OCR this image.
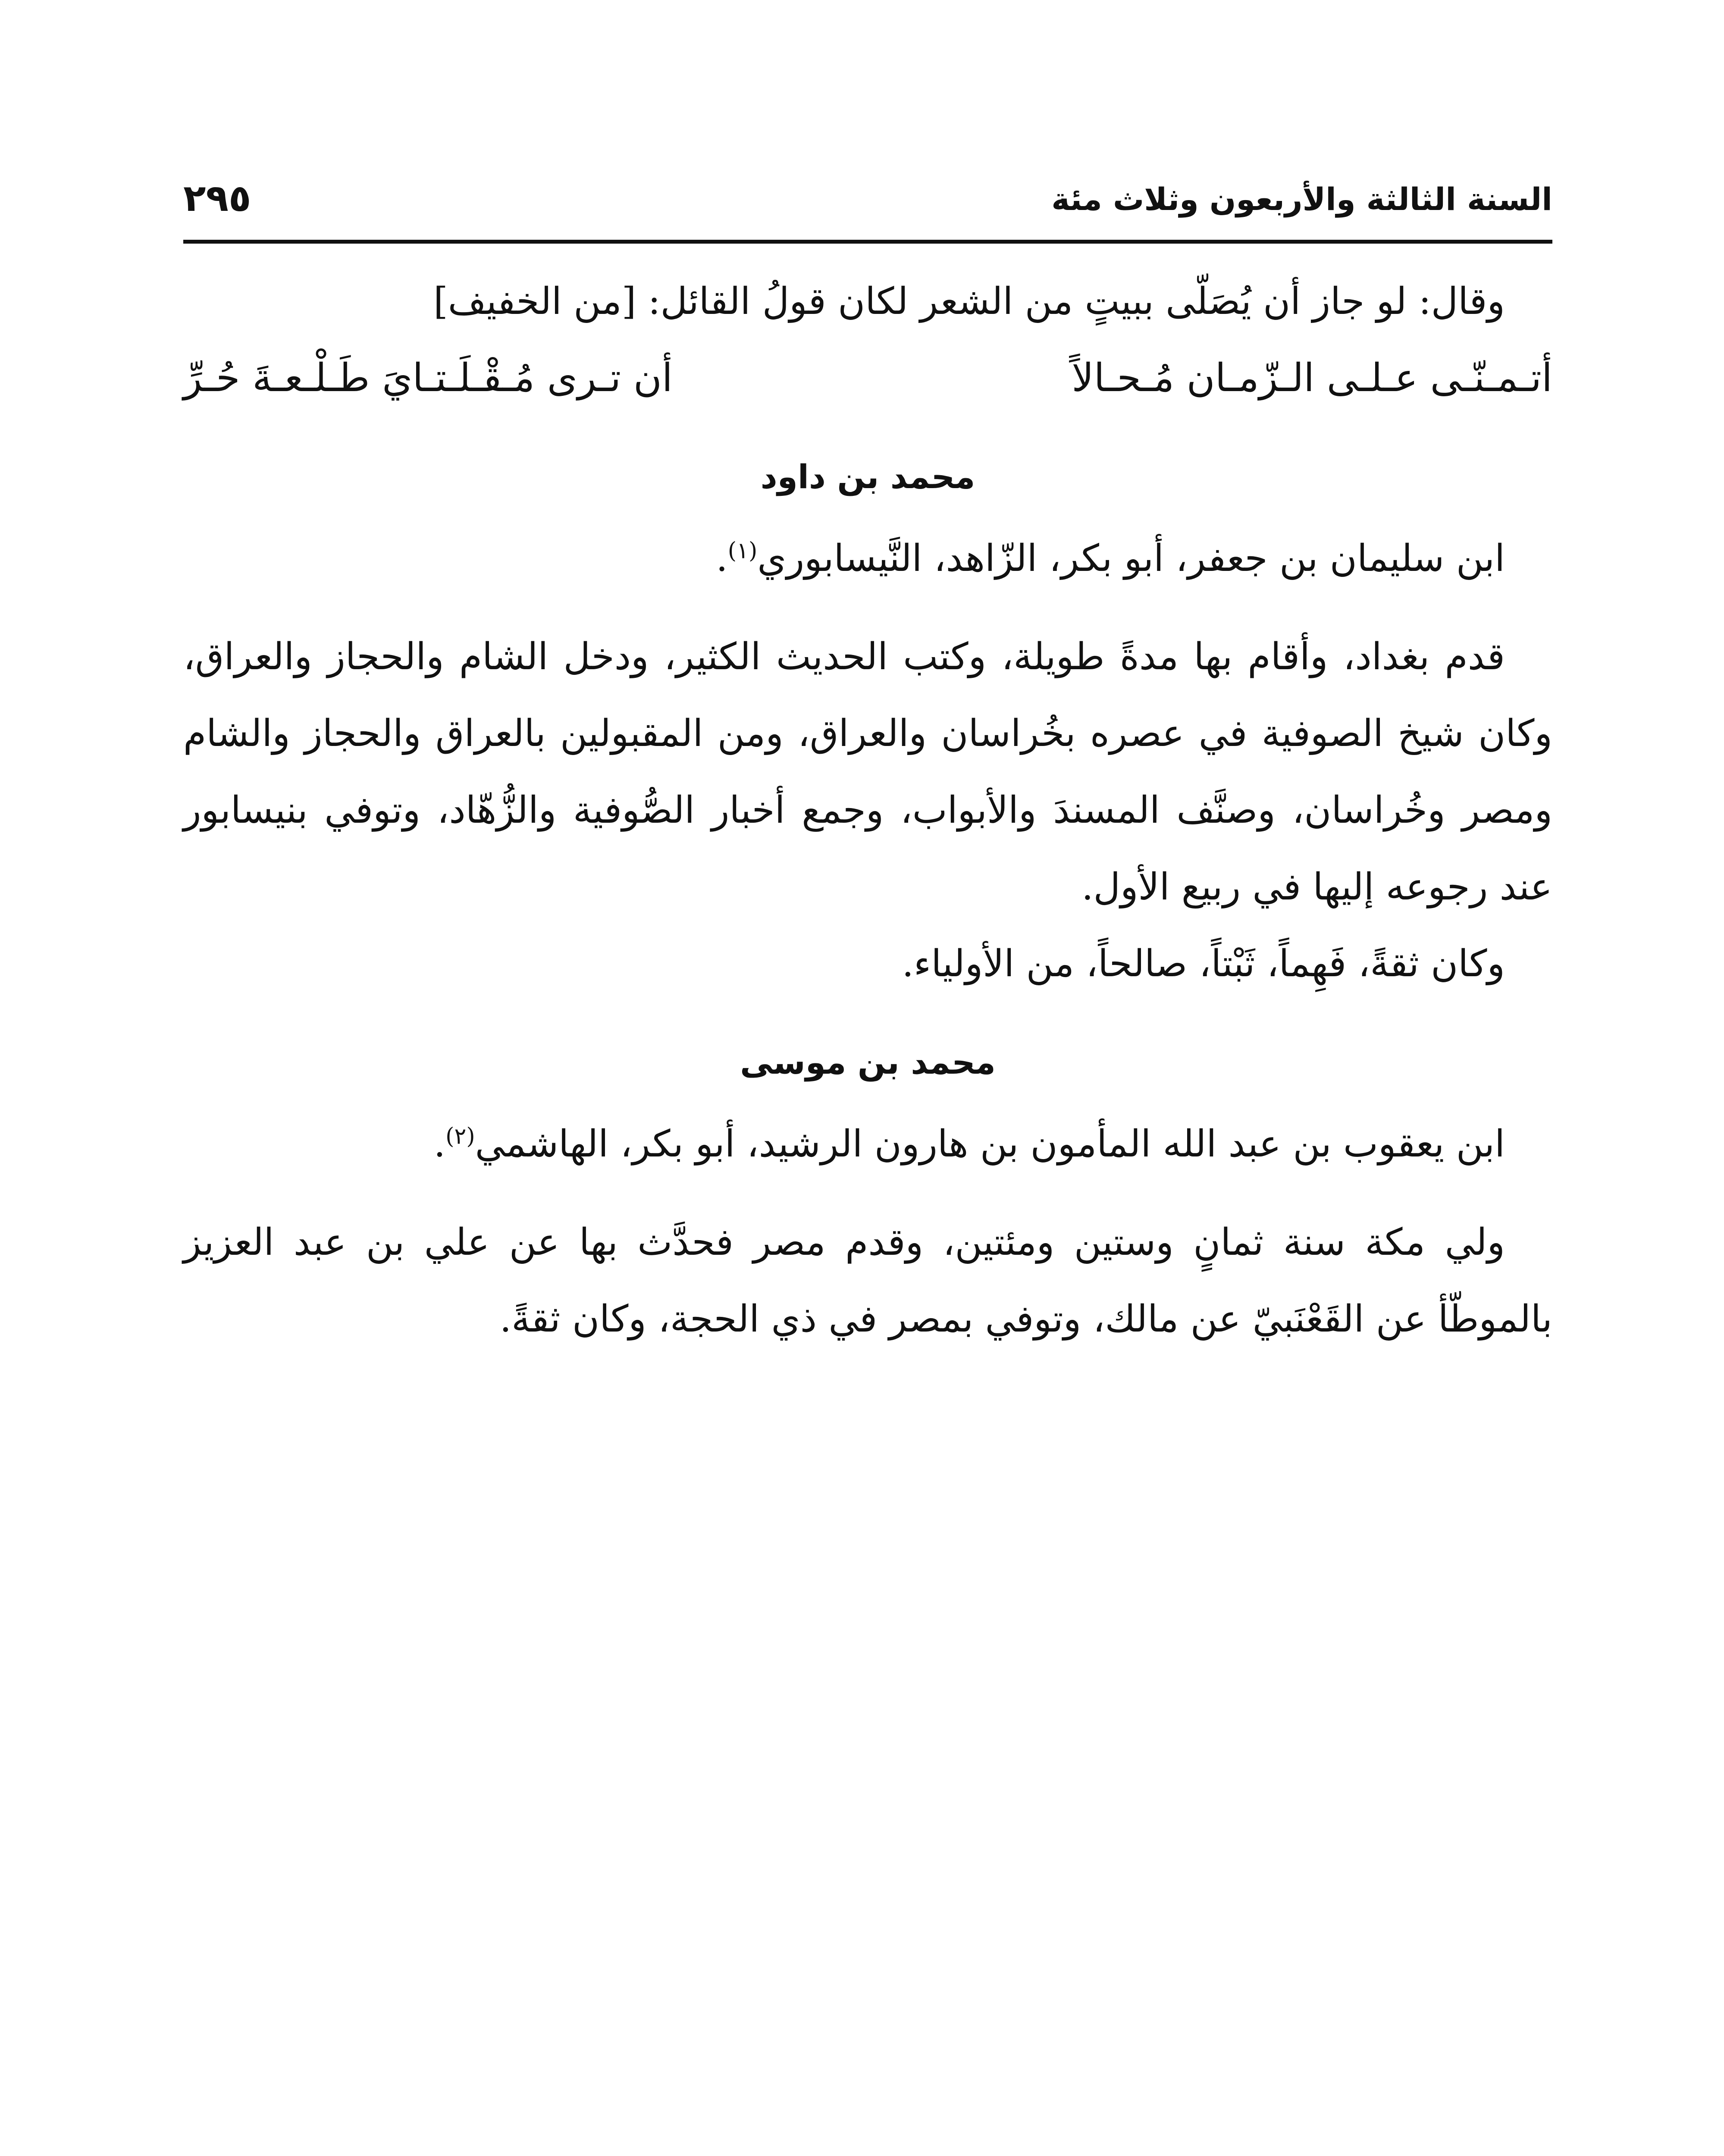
السنة الثالثة والأربعون وثلاث مئة
٢٩٥

وقال: لو جاز أن يُصَلّى ببيتٍ من الشعر لكان قولُ القائل: [من الخفيف]

أتـمـنّـى عـلـى الـزّمـان مُـحـالاً
أن تـرى مُـقْـلَـتـايَ طَـلْـعـةَ حُـرِّ
محمد بن داود

ابن سليمان بن جعفر، أبو بكر، الزّاهد، النَّيسابوري$^{(١)}$.

قدم بغداد، وأقام بها مدةً طويلة، وكتب الحديث الكثير، ودخل الشام والحجاز والعراق، وكان شيخ الصوفية في عصره بخُراسان والعراق، ومن المقبولين بالعراق والحجاز والشام ومصر وخُراسان، وصنَّف المسندَ والأبواب، وجمع أخبار الصُّوفية والزُّهّاد، وتوفي بنيسابور عند رجوعه إليها في ربيع الأول.

وكان ثقةً، فَهِماً، ثَبْتاً، صالحاً، من الأولياء.

محمد بن موسى

ابن يعقوب بن عبد الله المأمون بن هارون الرشيد، أبو بكر، الهاشمي$^{(٢)}$.

ولي مكة سنة ثمانٍ وستين ومئتين، وقدم مصر فحدَّث بها عن علي بن عبد العزيز بالموطّأ عن القَعْنَبيّ عن مالك، وتوفي بمصر في ذي الحجة، وكان ثقةً.
